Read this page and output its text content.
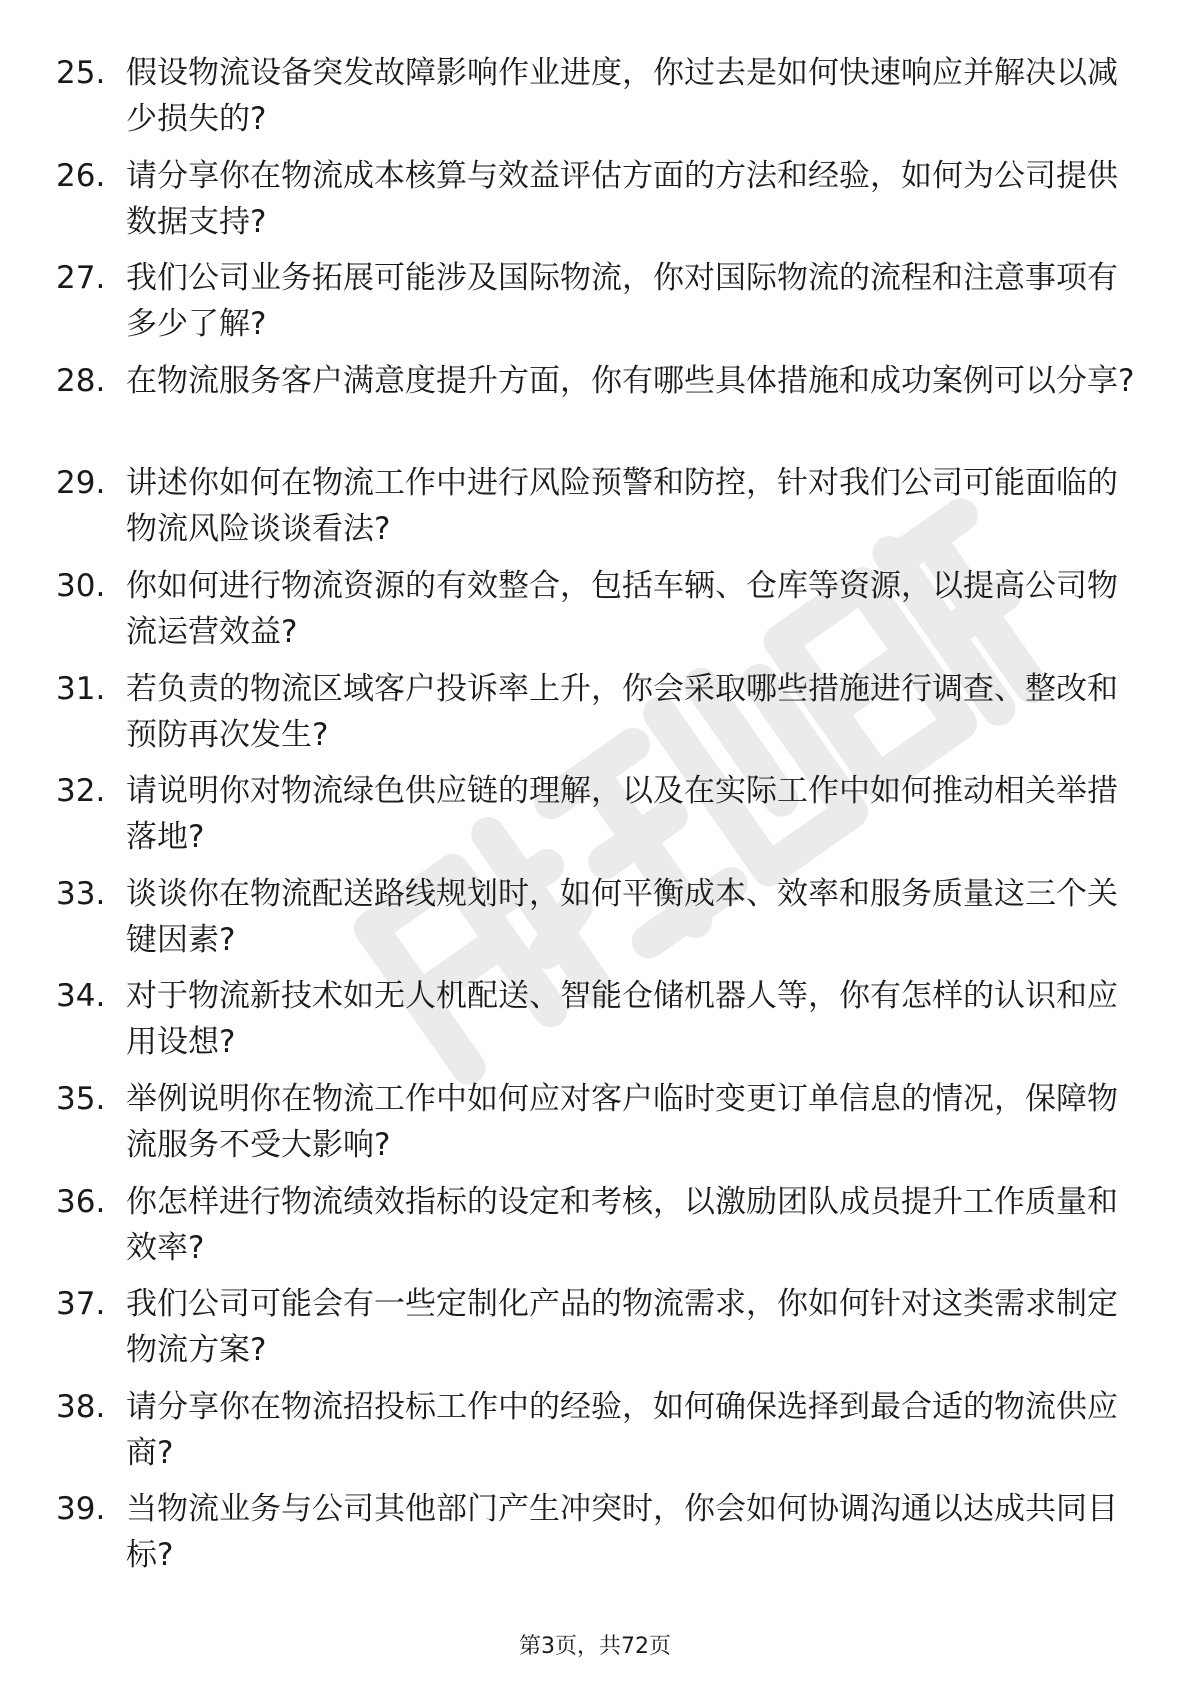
25. 假设物流设备突发故障影响作业进度，你过去是如何快速响应并解决以减少损失的?
26. 请分享你在物流成本核算与效益评估方面的方法和经验，如何为公司提供数据支持?
27. 我们公司业务拓展可能涉及国际物流，你对国际物流的流程和注意事项有多少了解?
28. 在物流服务客户满意度提升方面，你有哪些具体措施和成功案例可以分享?
29. 讲述你如何在物流工作中进行风险预警和防控，针对我们公司可能面临的物流风险谈谈看法?
30. 你如何进行物流资源的有效整合，包括车辆、仓库等资源，以提高公司物流运营效益?
31. 若负责的物流区域客户投诉率上升，你会采取哪些措施进行调查、整改和预防再次发生?
32. 请说明你对物流绿色供应链的理解，以及在实际工作中如何推动相关举措落地?
33. 谈谈你在物流配送路线规划时，如何平衡成本、效率和服务质量这三个关键因素?
34. 对于物流新技术如无人机配送、智能仓储机器人等，你有怎样的认识和应用设想?
35. 举例说明你在物流工作中如何应对客户临时变更订单信息的情况，保障物流服务不受大影响?
36. 你怎样进行物流绩效指标的设定和考核，以激励团队成员提升工作质量和效率?
37. 我们公司可能会有一些定制化产品的物流需求，你如何针对这类需求制定物流方案?
38. 请分享你在物流招投标工作中的经验，如何确保选择到最合适的物流供应商?
39. 当物流业务与公司其他部门产生冲突时，你会如何协调沟通以达成共同目标?
第3页，共72页
